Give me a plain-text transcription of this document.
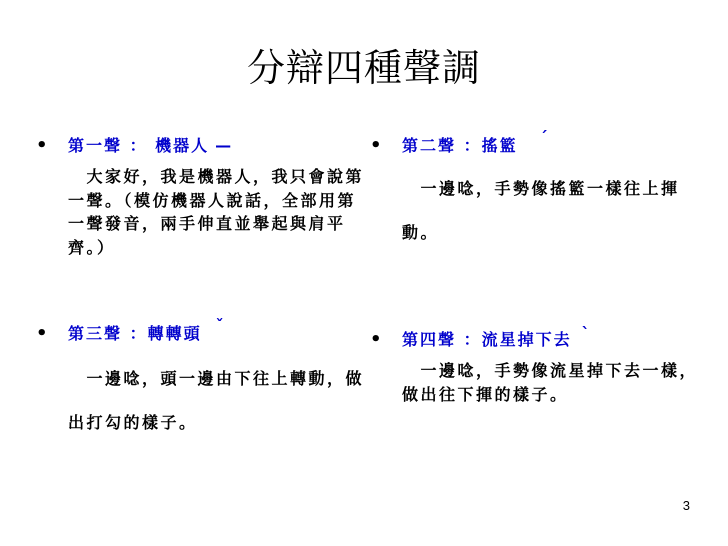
分辯四種聲調
• 第一聲 ： 機器人 —
　大家好，我是機器人，我只會說第一聲。（模仿機器人說話，全部用第一聲發音，兩手伸直並舉起與肩平齊。）
• 第二聲 ：搖籃 ˊ
　一邊唸，手勢像搖籃一樣往上揮動。
• 第三聲 ：轉轉頭 ˇ
　一邊唸，頭一邊由下往上轉動，做出打勾的樣子。
• 第四聲 ：流星掉下去 ˋ
　一邊唸，手勢像流星掉下去一樣，做出往下揮的樣子。
3
